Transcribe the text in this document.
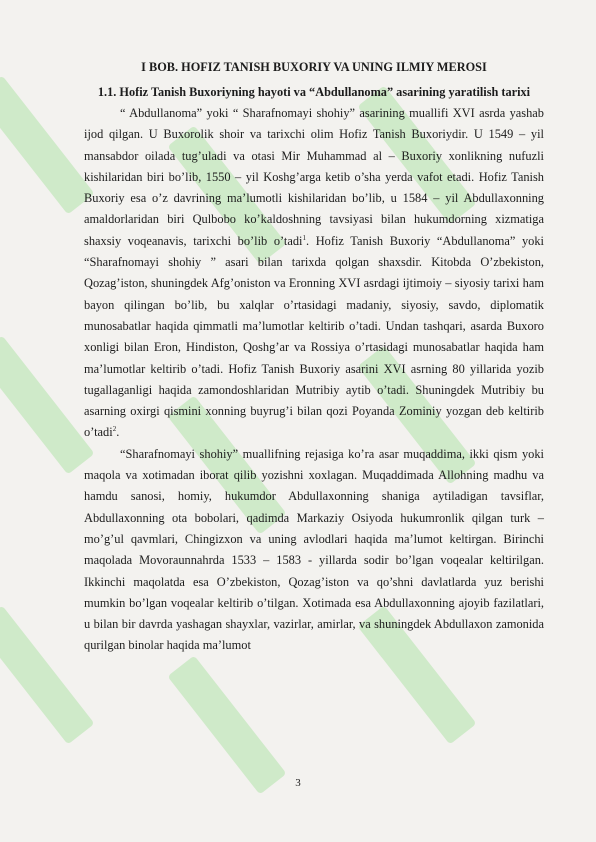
I BOB. HOFIZ TANISH BUXORIY VA UNING ILMIY MEROSI

1.1. Hofiz Tanish Buxoriyning hayoti va “Abdullanoma” asarining yaratilish tarixi

“ Abdullanoma” yoki “ Sharafnomayi shohiy” asarining muallifi XVI asrda yashab ijod qilgan. U Buxorolik shoir va tarixchi olim Hofiz Tanish Buxoriydir. U 1549 – yil mansabdor oilada tug’uladi va otasi Mir Muhammad al – Buxoriy xonlikning nufuzli kishilaridan biri bo’lib, 1550 – yil Koshg’arga ketib o’sha yerda vafot etadi. Hofiz Tanish Buxoriy esa o’z davrining ma’lumotli kishilaridan bo’lib, u 1584 – yil Abdullaxonning amaldorlaridan biri Qulbobo ko’kaldoshning tavsiyasi bilan hukumdorning xizmatiga shaxsiy voqeanavis, tarixchi bo’lib o’tadi$^1$. Hofiz Tanish Buxoriy “Abdullanoma” yoki “Sharafnomayi shohiy ” asari bilan tarixda qolgan shaxsdir. Kitobda O’zbekiston, Qozag’iston, shuningdek Afg’oniston va Eronning XVI asrdagi ijtimoiy – siyosiy tarixi ham bayon qilingan bo’lib, bu xalqlar o’rtasidagi madaniy, siyosiy, savdo, diplomatik munosabatlar haqida qimmatli ma’lumotlar keltirib o’tadi. Undan tashqari, asarda Buxoro xonligi bilan Eron, Hindiston, Qoshg’ar va Rossiya o’rtasidagi munosabatlar haqida ham ma’lumotlar keltirib o’tadi. Hofiz Tanish Buxoriy asarini XVI asrning 80 yillarida yozib tugallaganligi haqida zamondoshlaridan Mutribiy aytib o’tadi. Shuningdek Mutribiy bu asarning oxirgi qismini xonning buyrug’i bilan qozi Poyanda Zominiy yozgan deb keltirib o’tadi$^2$.

“Sharafnomayi shohiy” muallifning rejasiga ko’ra asar muqaddima, ikki qism yoki maqola va xotimadan iborat qilib yozishni xoxlagan. Muqaddimada Allohning madhu va hamdu sanosi, homiy, hukumdor Abdullaxonning shaniga aytiladigan tavsiflar, Abdullaxonning ota bobolari, qadimda Markaziy Osiyoda hukumronlik qilgan turk – mo’g’ul qavmlari, Chingizxon va uning avlodlari haqida ma’lumot keltirgan. Birinchi maqolada Movoraunnahrda 1533 – 1583 - yillarda sodir bo’lgan voqealar keltirilgan. Ikkinchi maqolatda esa O’zbekiston, Qozag’iston va qo’shni davlatlarda yuz berishi mumkin bo’lgan voqealar keltirib o’tilgan. Xotimada esa Abdullaxonning ajoyib fazilatlari, u bilan bir davrda yashagan shayxlar, vazirlar, amirlar, va shuningdek Abdullaxon zamonida qurilgan binolar haqida ma’lumot

3
